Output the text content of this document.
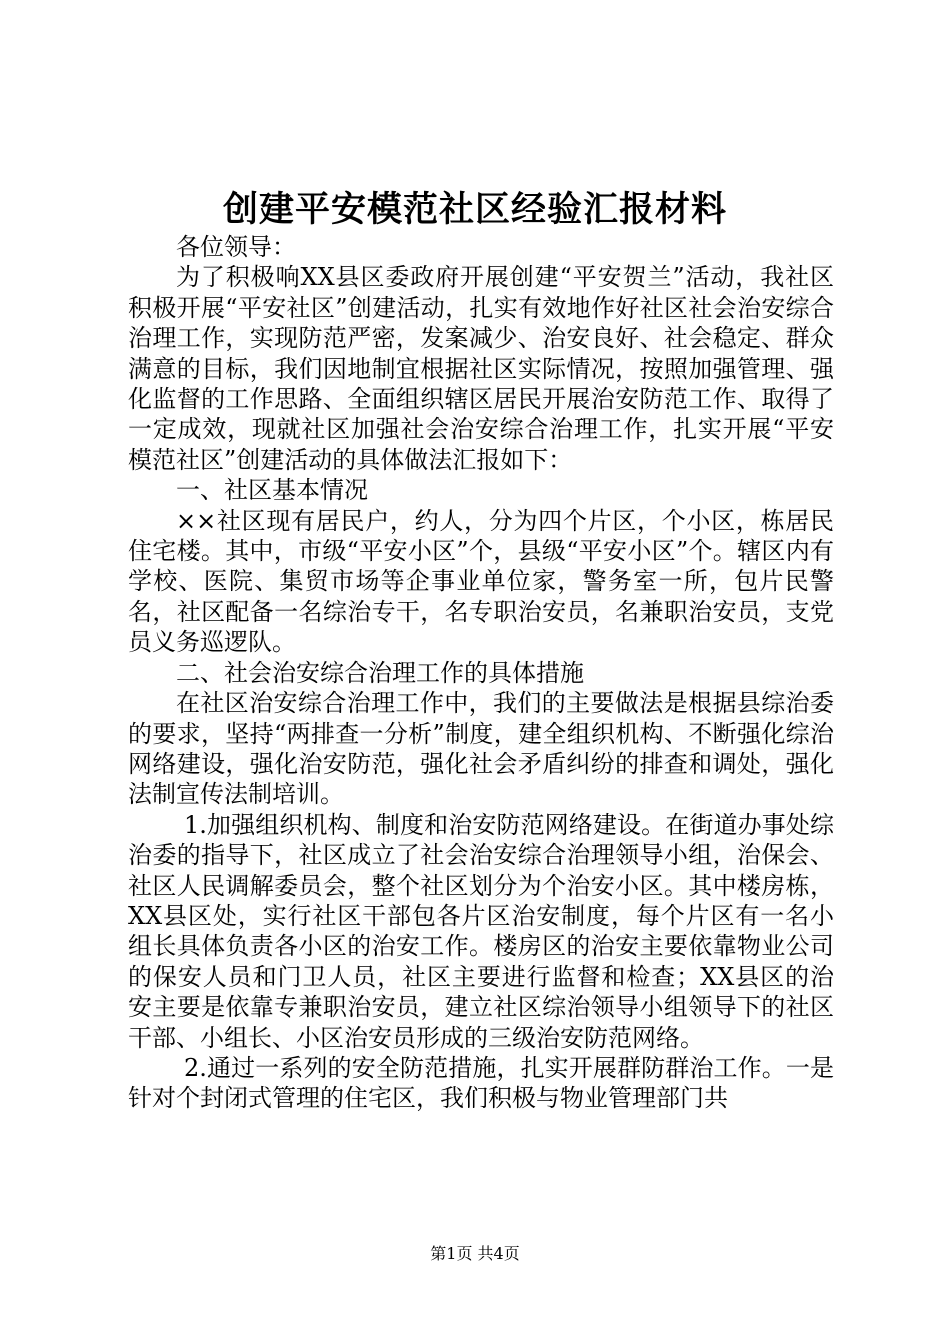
创建平安模范社区经验汇报材料

各位领导：

为了积极响XX县区委政府开展创建“平安贺兰”活动，我社区积极开展“平安社区”创建活动，扎实有效地作好社区社会治安综合治理工作，实现防范严密，发案减少、治安良好、社会稳定、群众满意的目标，我们因地制宜根据社区实际情况，按照加强管理、强化监督的工作思路、全面组织辖区居民开展治安防范工作、取得了一定成效，现就社区加强社会治安综合治理工作，扎实开展“平安模范社区”创建活动的具体做法汇报如下：

一、社区基本情况

××社区现有居民户，约人，分为四个片区，个小区，栋居民住宅楼。其中，市级“平安小区”个，县级“平安小区”个。辖区内有学校、医院、集贸市场等企事业单位家，警务室一所，包片民警名，社区配备一名综治专干，名专职治安员，名兼职治安员，支党员义务巡逻队。

二、社会治安综合治理工作的具体措施

在社区治安综合治理工作中，我们的主要做法是根据县综治委的要求，坚持“两排查一分析”制度，建全组织机构、不断强化综治网络建设，强化治安防范，强化社会矛盾纠纷的排查和调处，强化法制宣传法制培训。

1.加强组织机构、制度和治安防范网络建设。在街道办事处综治委的指导下，社区成立了社会治安综合治理领导小组，治保会、社区人民调解委员会，整个社区划分为个治安小区。其中楼房栋，XX县区处，实行社区干部包各片区治安制度，每个片区有一名小组长具体负责各小区的治安工作。楼房区的治安主要依靠物业公司的保安人员和门卫人员，社区主要进行监督和检查；XX县区的治安主要是依靠专兼职治安员，建立社区综治领导小组领导下的社区干部、小组长、小区治安员形成的三级治安防范网络。

2.通过一系列的安全防范措施，扎实开展群防群治工作。一是针对个封闭式管理的住宅区，我们积极与物业管理部门共

第1页 共4页
